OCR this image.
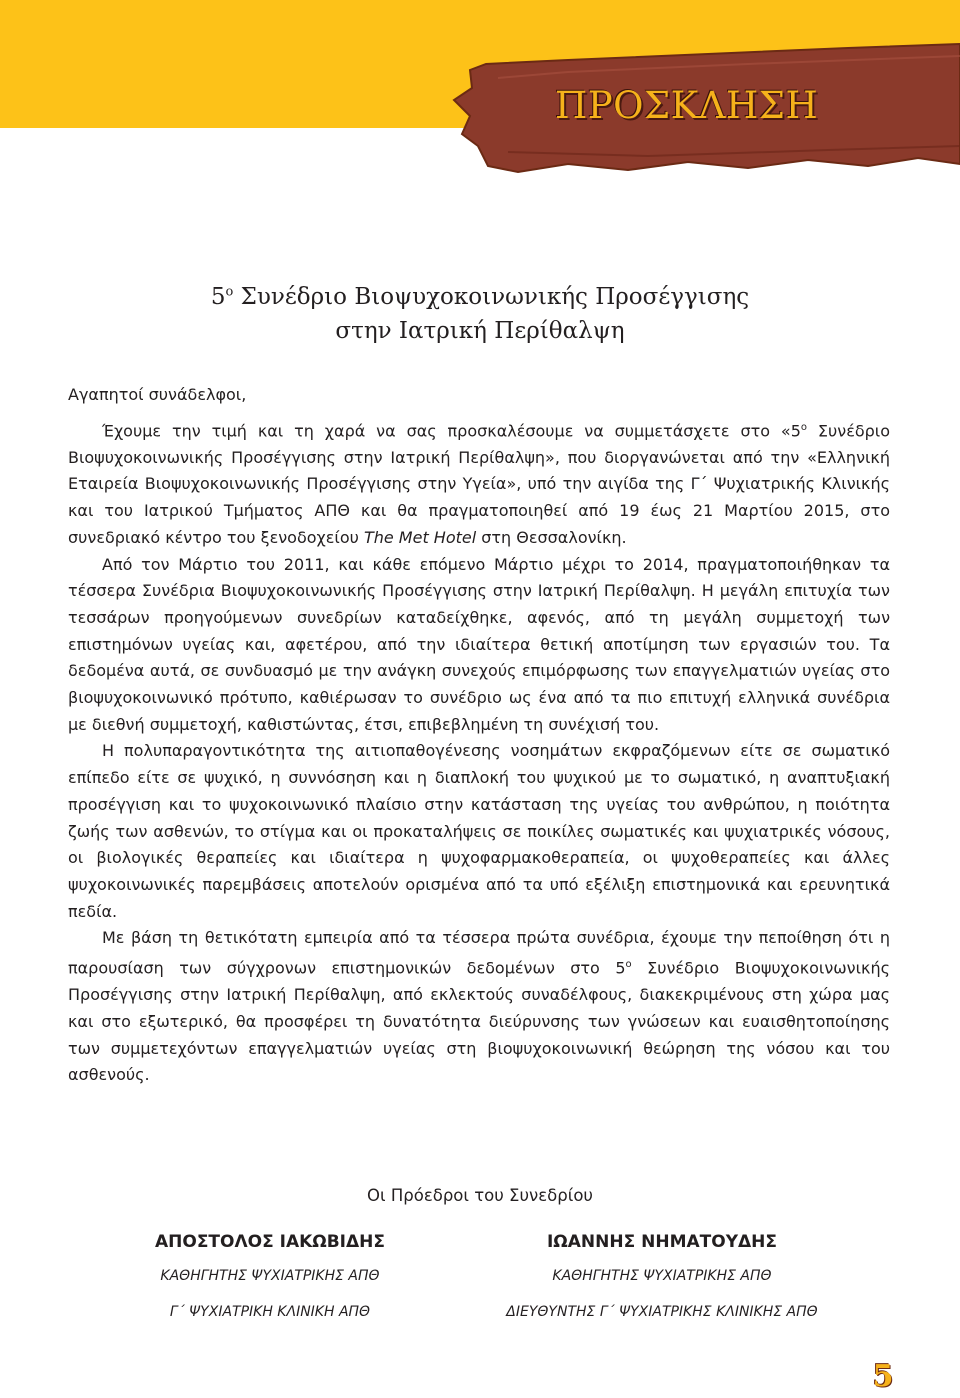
ΠΡΟΣΚΛΗΣΗ
$5^o$ Συνέδριο Βιοψυχοκοινωνικής Προσέγγισης
στην Ιατρική Περίθαλψη

Αγαπητοί συνάδελφοι,

Έχουμε την τιμή και τη χαρά να σας προσκαλέσουμε να συμμετάσχετε στο «$5^o$ Συνέδριο Βιοψυχοκοινωνικής Προσέγγισης στην Ιατρική Περίθαλψη», που διοργανώνεται από την «Ελληνική Εταιρεία Βιοψυχοκοινωνικής Προσέγγισης στην Υγεία», υπό την αιγίδα της Γ΄ Ψυχιατρικής Κλινικής και του Ιατρικού Τμήματος ΑΠΘ και θα πραγματοποιηθεί από 19 έως 21 Μαρτίου 2015, στο συνεδριακό κέντρο του ξενοδοχείου The Met Hotel στη Θεσσαλονίκη.

Από τον Μάρτιο του 2011, και κάθε επόμενο Μάρτιο μέχρι το 2014, πραγματοποιήθηκαν τα τέσσερα Συνέδρια Βιοψυχοκοινωνικής Προσέγγισης στην Ιατρική Περίθαλψη. Η μεγάλη επιτυχία των τεσσάρων προηγούμενων συνεδρίων καταδείχθηκε, αφενός, από τη μεγάλη συμμετοχή των επιστημόνων υγείας και, αφετέρου, από την ιδιαίτερα θετική αποτίμηση των εργασιών του. Τα δεδομένα αυτά, σε συνδυασμό με την ανάγκη συνεχούς επιμόρφωσης των επαγγελματιών υγείας στο βιοψυχοκοινωνικό πρότυπο, καθιέρωσαν το συνέδριο ως ένα από τα πιο επιτυχή ελληνικά συνέδρια με διεθνή συμμετοχή, καθιστώντας, έτσι, επιβεβλημένη τη συνέχισή του.

Η πολυπαραγοντικότητα της αιτιοπαθογένεσης νοσημάτων εκφραζόμενων είτε σε σωματικό επίπεδο είτε σε ψυχικό, η συννόσηση και η διαπλοκή του ψυχικού με το σωματικό, η αναπτυξιακή προσέγγιση και το ψυχοκοινωνικό πλαίσιο στην κατάσταση της υγείας του ανθρώπου, η ποιότητα ζωής των ασθενών, το στίγμα και οι προκαταλήψεις σε ποικίλες σωματικές και ψυχιατρικές νόσους, οι βιολογικές θεραπείες και ιδιαίτερα η ψυχοφαρμακοθεραπεία, οι ψυχοθεραπείες και άλλες ψυχοκοινωνικές παρεμβάσεις αποτελούν ορισμένα από τα υπό εξέλιξη επιστημονικά και ερευνητικά πεδία.

Με βάση τη θετικότατη εμπειρία από τα τέσσερα πρώτα συνέδρια, έχουμε την πεποίθηση ότι η παρουσίαση των σύγχρονων επιστημονικών δεδομένων στο $5^o$ Συνέδριο Βιοψυχοκοινωνικής Προσέγγισης στην Ιατρική Περίθαλψη, από εκλεκτούς συναδέλφους, διακεκριμένους στη χώρα μας και στο εξωτερικό, θα προσφέρει τη δυνατότητα διεύρυνσης των γνώσεων και ευαισθητοποίησης των συμμετεχόντων επαγγελματιών υγείας στη βιοψυχοκοινωνική θεώρηση της νόσου και του ασθενούς.

Οι Πρόεδροι του Συνεδρίου
ΑΠΟΣΤΟΛΟΣ ΙΑΚΩΒΙΔΗΣ
ΚΑΘΗΓΗΤΗΣ ΨΥΧΙΑΤΡΙΚΗΣ ΑΠΘ
Γ΄ ΨΥΧΙΑΤΡΙΚΗ ΚΛΙΝΙΚΗ ΑΠΘ
ΙΩΑΝΝΗΣ ΝΗΜΑΤΟΥΔΗΣ
ΚΑΘΗΓΗΤΗΣ ΨΥΧΙΑΤΡΙΚΗΣ ΑΠΘ
ΔΙΕΥΘΥΝΤΗΣ Γ΄ ΨΥΧΙΑΤΡΙΚΗΣ ΚΛΙΝΙΚΗΣ ΑΠΘ
5
